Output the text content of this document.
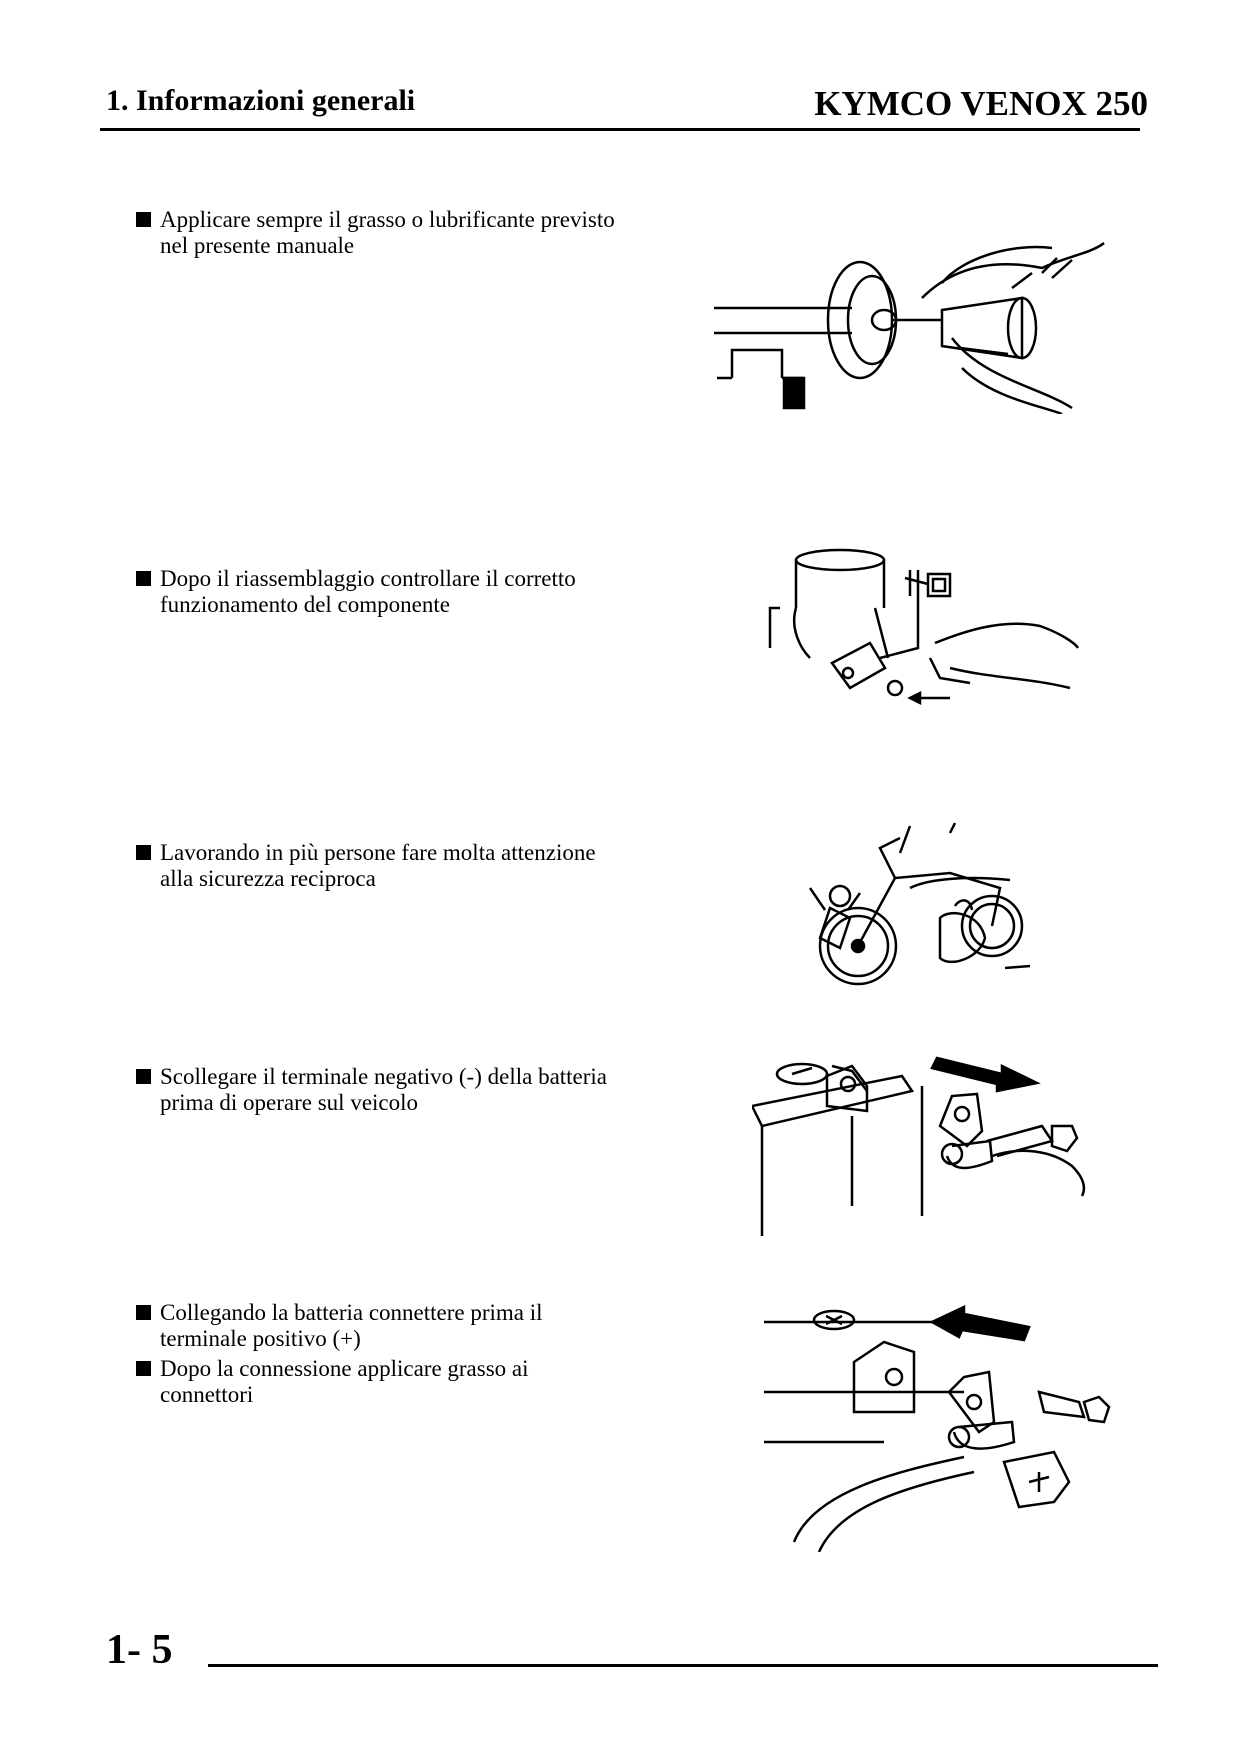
1. Informazioni generali	KYMCO VENOX 250
Applicare sempre il grasso o lubrificante previsto nel presente manuale
Dopo il riassemblaggio controllare il corretto funzionamento del componente
Lavorando in più persone fare molta attenzione alla sicurezza reciproca
Scollegare il terminale negativo (-) della batteria prima di operare sul veicolo
Collegando la batteria connettere prima il terminale positivo (+)
Dopo la connessione applicare grasso ai connettori
1- 5
